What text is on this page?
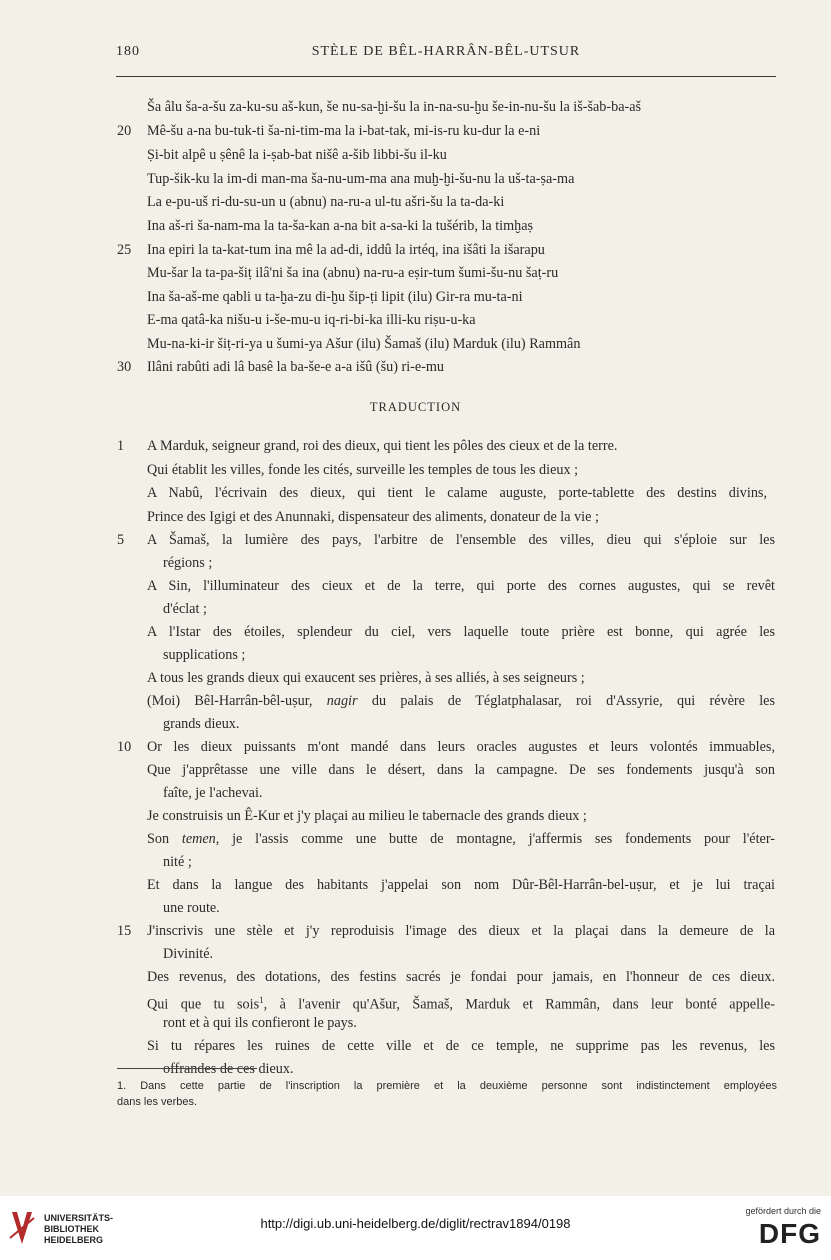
180	STÈLE DE BÊL-HARRÂN-BÊL-UTSUR
Ša âlu ša-a-šu za-ku-su aš-kun, še nu-sa-ḫi-šu la in-na-su-ḫu še-in-nu-šu la iš-šab-ba-aš
20 Mê-šu a-na bu-tuk-ti ša-ni-tim-ma la i-bat-tak, mi-is-ru ku-dur la e-ni
Ṣi-bit alpê u ṣênê la i-ṣab-bat nišê a-šib libbi-šu il-ku
Tup-šik-ku la im-di man-ma ša-nu-um-ma ana muḫ-ḫi-šu-nu la uš-ta-ṣa-ma
La e-pu-uš ri-du-su-un u (abnu) na-ru-a ul-tu ašri-šu la ta-da-ki
Ina aš-ri ša-nam-ma la ta-ša-kan a-na bit a-sa-ki la tušérib, la timḫaṣ
25 Ina epiri la ta-kat-tum ina mê la ad-di, iddû la irtéq, ina išâti la išarapu
Mu-šar la ta-pa-šiṭ ilâ'ni ša ina (abnu) na-ru-a eṣir-tum šumi-šu-nu šaṭ-ru
Ina ša-aš-me qabli u ta-ḫa-zu di-ḫu šip-ṭi lipit (ilu) Gir-ra mu-ta-ni
E-ma qatâ-ka nišu-u i-še-mu-u iq-ri-bi-ka illi-ku riṣu-u-ka
Mu-na-ki-ir šiṭ-ri-ya u šumi-ya Ašur (ilu) Šamaš (ilu) Marduk (ilu) Rammân
30 Ilâni rabûti adi lâ basê la ba-še-e a-a išû (šu) ri-e-mu
TRADUCTION
1 A Marduk, seigneur grand, roi des dieux, qui tient les pôles des cieux et de la terre.
Qui établit les villes, fonde les cités, surveille les temples de tous les dieux ;
A Nabû, l'écrivain des dieux, qui tient le calame auguste, porte-tablette des destins divins,
Prince des Igigi et des Anunnaki, dispensateur des aliments, donateur de la vie ;
5 A Šamaš, la lumière des pays, l'arbitre de l'ensemble des villes, dieu qui s'éploie sur les
régions ;
A Sin, l'illuminateur des cieux et de la terre, qui porte des cornes augustes, qui se revêt
d'éclat ;
A l'Istar des étoiles, splendeur du ciel, vers laquelle toute prière est bonne, qui agrée les
supplications ;
A tous les grands dieux qui exaucent ses prières, à ses alliés, à ses seigneurs ;
(Moi) Bêl-Harrân-bêl-uṣur, nagir du palais de Téglatphalasar, roi d'Assyrie, qui révère les
grands dieux.
10 Or les dieux puissants m'ont mandé dans leurs oracles augustes et leurs volontés immuables,
Que j'apprêtasse une ville dans le désert, dans la campagne. De ses fondements jusqu'à son
faîte, je l'achevai.
Je construisis un Ê-Kur et j'y plaçai au milieu le tabernacle des grands dieux ;
Son temen, je l'assis comme une butte de montagne, j'affermis ses fondements pour l'éter-
nité ;
Et dans la langue des habitants j'appelai son nom Dûr-Bêl-Harrân-bel-uṣur, et je lui traçai
une route.
15 J'inscrivis une stèle et j'y reproduisis l'image des dieux et la plaçai dans la demeure de la
Divinité.
Des revenus, des dotations, des festins sacrés je fondai pour jamais, en l'honneur de ces dieux.
Qui que tu sois$^1$, à l'avenir qu'Ašur, Šamaš, Marduk et Rammân, dans leur bonté appelle-
ront et à qui ils confieront le pays.
Si tu répares les ruines de cette ville et de ce temple, ne supprime pas les revenus, les
offrandes de ces dieux.
1. Dans cette partie de l'inscription la première et la deuxième personne sont indistinctement employées
dans les verbes.
UNIVERSITÄTS-
BIBLIOTHEK
HEIDELBERG
http://digi.ub.uni-heidelberg.de/diglit/rectrav1894/0198
gefördert durch die
DFG
